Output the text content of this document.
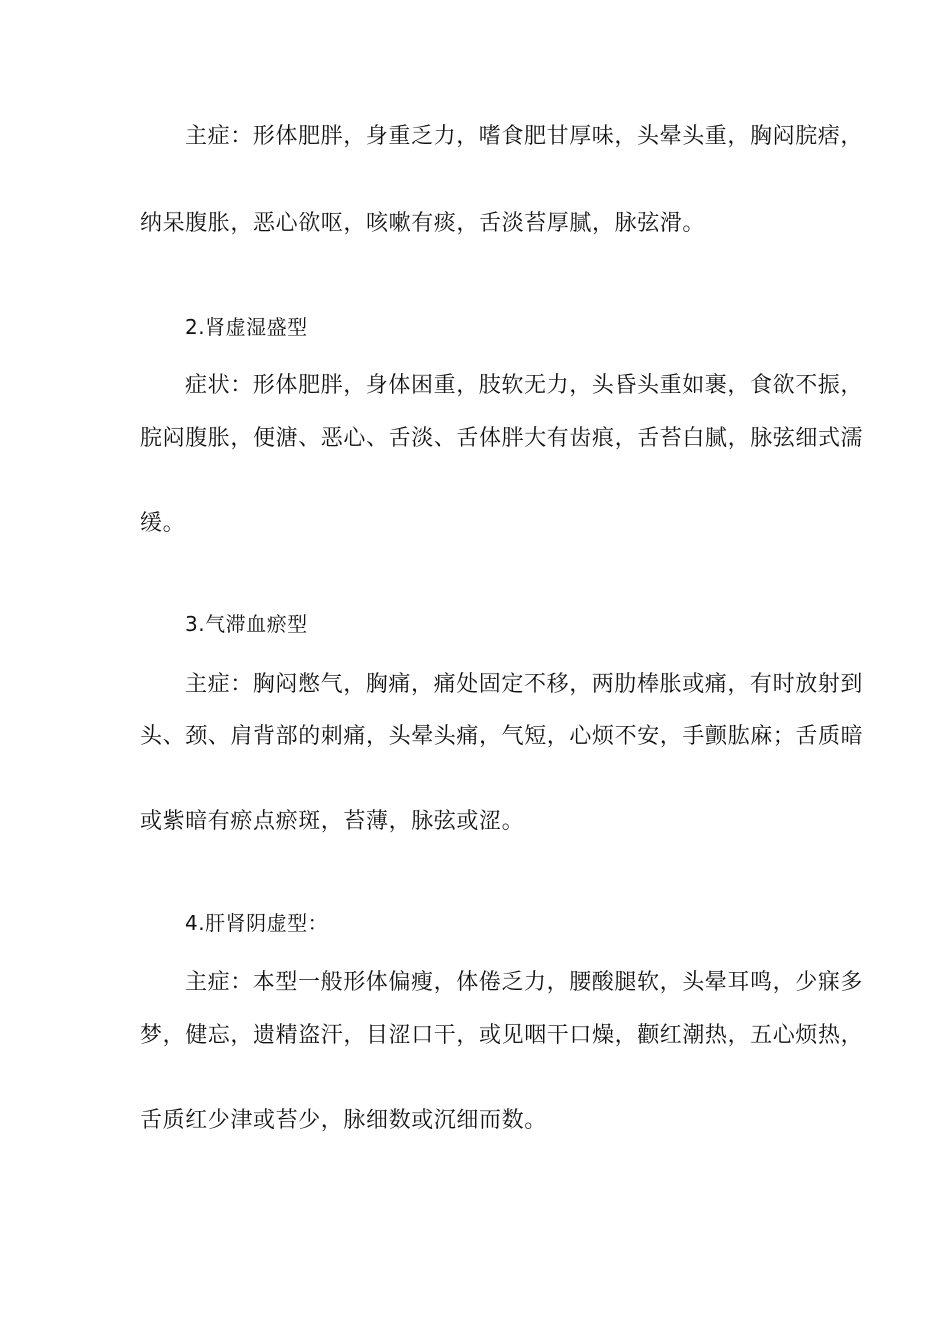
主症：形体肥胖，身重乏力，嗜食肥甘厚味，头晕头重，胸闷脘痞，
纳呆腹胀，恶心欲呕，咳嗽有痰，舌淡苔厚腻，脉弦滑。
2.肾虚湿盛型
症状：形体肥胖，身体困重，肢软无力，头昏头重如裹，食欲不振，
脘闷腹胀，便溏、恶心、舌淡、舌体胖大有齿痕，舌苔白腻，脉弦细式濡
缓。
3.气滞血瘀型
主症：胸闷憋气，胸痛，痛处固定不移，两肋棒胀或痛，有时放射到
头、颈、肩背部的刺痛，头晕头痛，气短，心烦不安，手颤肱麻；舌质暗
或紫暗有瘀点瘀斑，苔薄，脉弦或涩。
4.肝肾阴虚型：
主症：本型一般形体偏瘦，体倦乏力，腰酸腿软，头晕耳鸣，少寐多
梦，健忘，遗精盗汗，目涩口干，或见咽干口燥，颧红潮热，五心烦热，
舌质红少津或苔少，脉细数或沉细而数。
